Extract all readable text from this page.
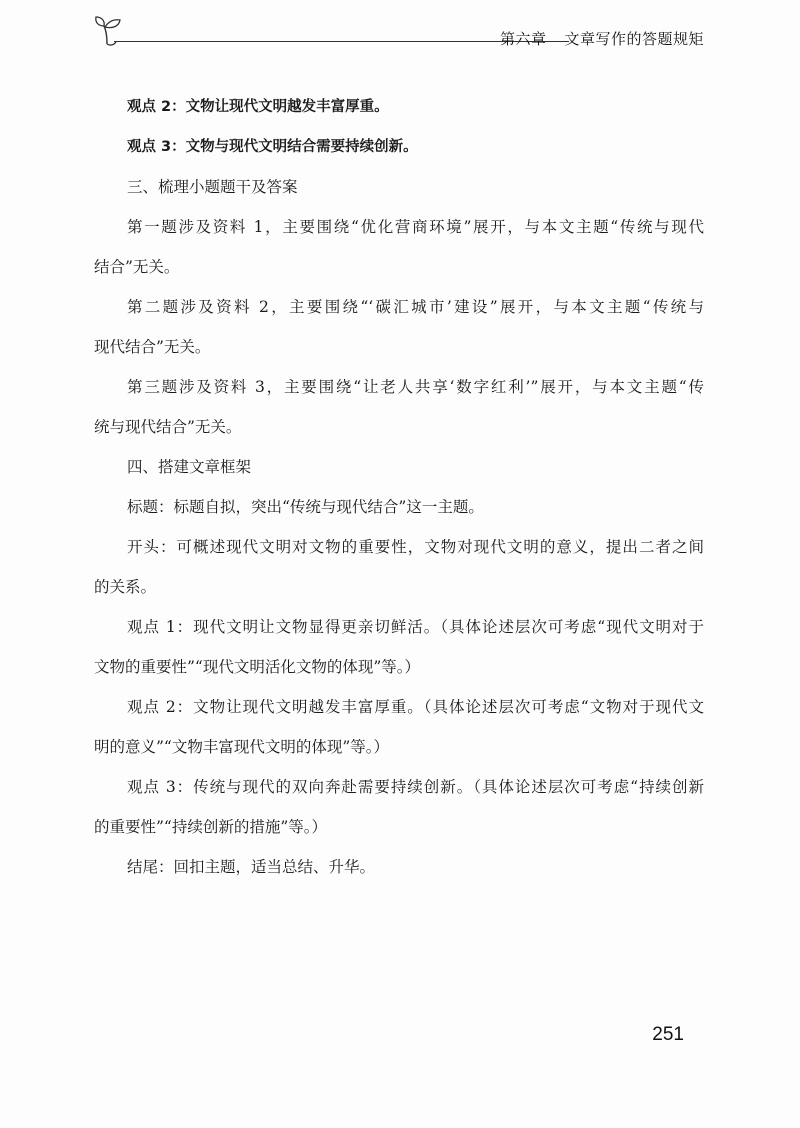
第六章 文章写作的答题规矩
观点 2：文物让现代文明越发丰富厚重。
观点 3：文物与现代文明结合需要持续创新。
三、梳理小题题干及答案
第一题涉及资料 1，主要围绕“优化营商环境”展开，与本文主题“传统与现代
结合”无关。
第二题涉及资料 2，主要围绕“‘碳汇城市’建设”展开，与本文主题“传统与
现代结合”无关。
第三题涉及资料 3，主要围绕“让老人共享‘数字红利’”展开，与本文主题“传
统与现代结合”无关。
四、搭建文章框架
标题：标题自拟，突出“传统与现代结合”这一主题。
开头：可概述现代文明对文物的重要性，文物对现代文明的意义，提出二者之间
的关系。
观点 1：现代文明让文物显得更亲切鲜活。（具体论述层次可考虑“现代文明对于
文物的重要性”“现代文明活化文物的体现”等。）
观点 2：文物让现代文明越发丰富厚重。（具体论述层次可考虑“文物对于现代文
明的意义”“文物丰富现代文明的体现”等。）
观点 3：传统与现代的双向奔赴需要持续创新。（具体论述层次可考虑“持续创新
的重要性”“持续创新的措施”等。）
结尾：回扣主题，适当总结、升华。
251
